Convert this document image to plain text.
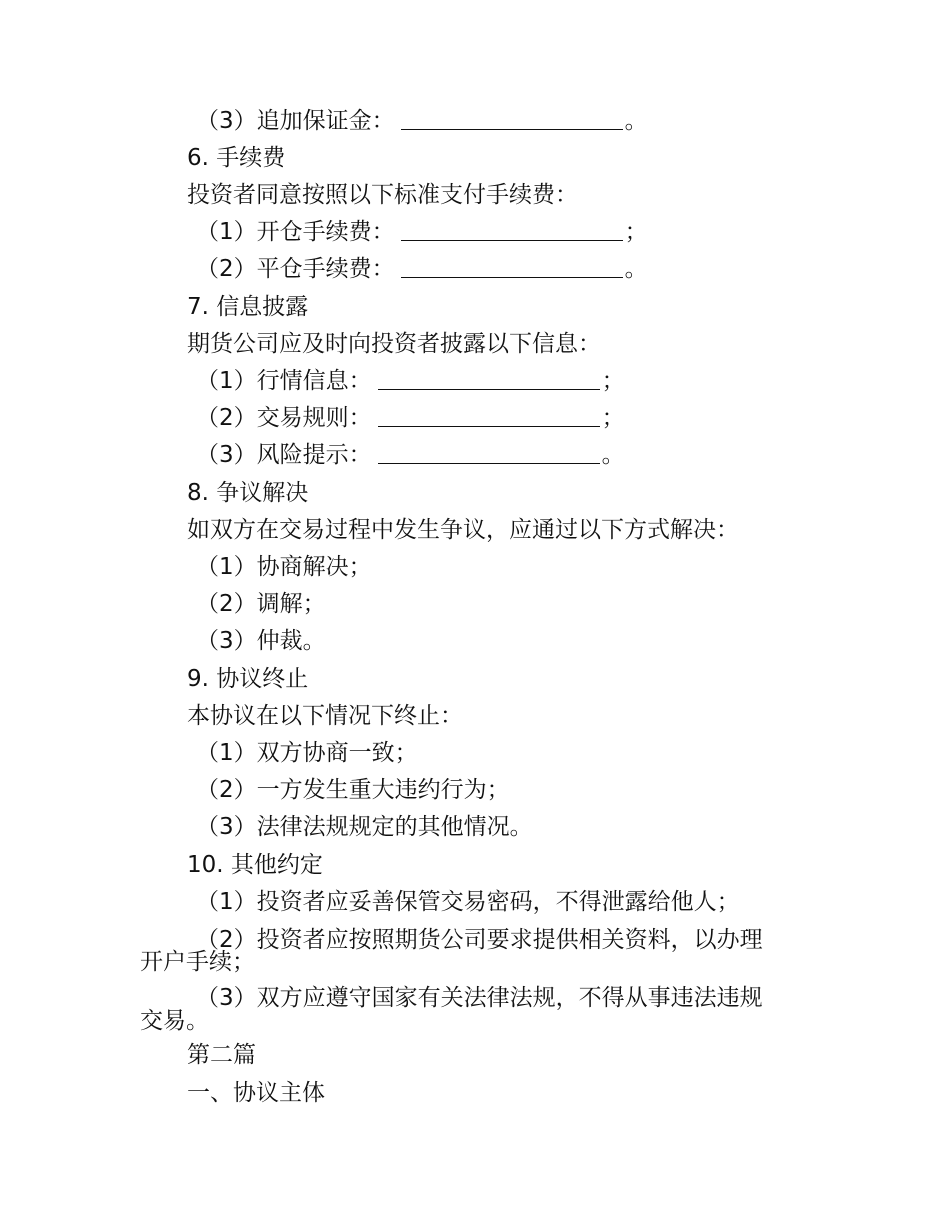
（3）追加保证金：	。
6. 手续费
投资者同意按照以下标准支付手续费：
（1）开仓手续费：	；
（2）平仓手续费：	。
7. 信息披露
期货公司应及时向投资者披露以下信息：
（1）行情信息：	；
（2）交易规则：	；
（3）风险提示：	。
8. 争议解决
如双方在交易过程中发生争议，应通过以下方式解决：
（1）协商解决；
（2）调解；
（3）仲裁。
9. 协议终止
本协议在以下情况下终止：
（1）双方协商一致；
（2）一方发生重大违约行为；
（3）法律法规规定的其他情况。
10. 其他约定
（1）投资者应妥善保管交易密码，不得泄露给他人；
（2）投资者应按照期货公司要求提供相关资料，以办理
开户手续；
（3）双方应遵守国家有关法律法规，不得从事违法违规
交易。
第二篇
一、协议主体
